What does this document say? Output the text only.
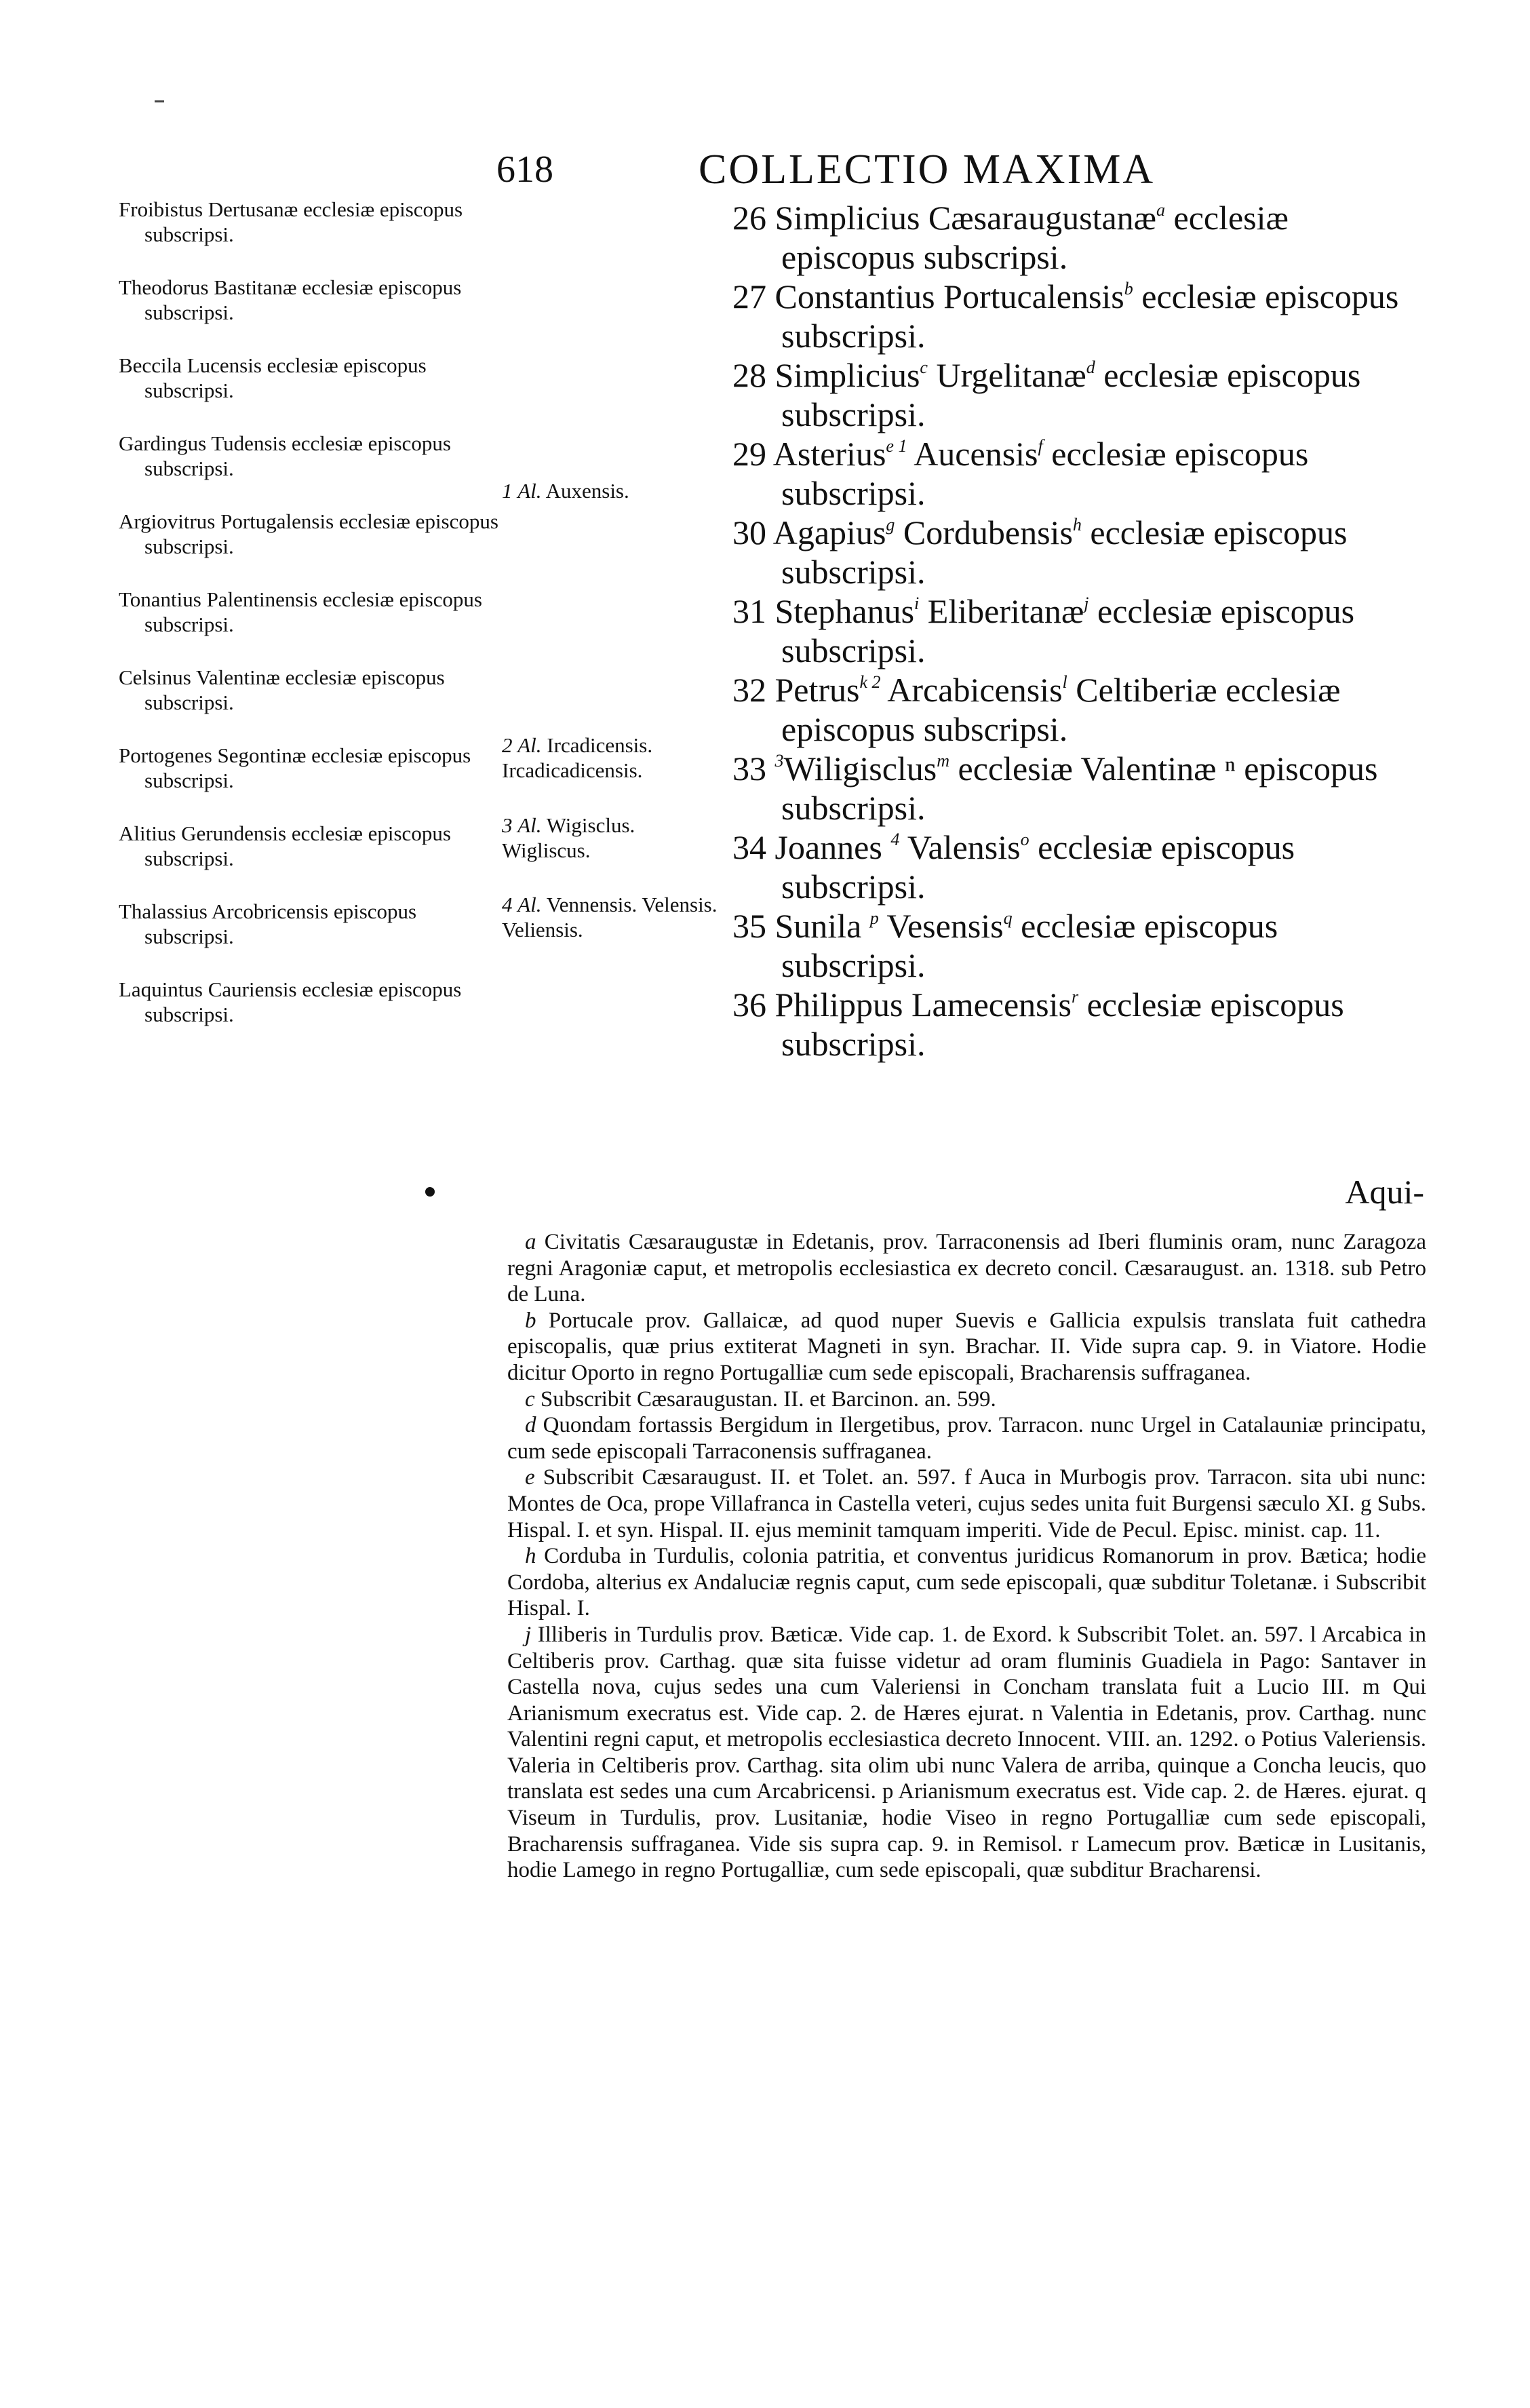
618	COLLECTIO MAXIMA

Froibistus Dertusanæ ecclesiæ episcopus subscripsi.

Theodorus Bastitanæ ecclesiæ episcopus subscripsi.

Beccila Lucensis ecclesiæ episcopus subscripsi.

Gardingus Tudensis ecclesiæ episcopus subscripsi.

Argiovitrus Portugalensis ecclesiæ episcopus subscripsi.

Tonantius Palentinensis ecclesiæ episcopus subscripsi.

Celsinus Valentinæ ecclesiæ episcopus subscripsi.

Portogenes Segontinæ ecclesiæ episcopus subscripsi.

Alitius Gerundensis ecclesiæ episcopus subscripsi.

Thalassius Arcobricensis episcopus subscripsi.

Laquintus Cauriensis ecclesiæ episcopus subscripsi.

1 Al. Auxensis.
2 Al. Ircadicensis. Ircadicadicensis.
3 Al. Wigisclus. Wigliscus.
4 Al. Vennensis. Velensis. Veliensis.

26 Simplicius Cæsaraugustanæ$^a$ ecclesiæ episcopus subscripsi.

27 Constantius Portucalensis$^b$ ecclesiæ episcopus subscripsi.

28 Simplicius$^c$ Urgelitanæ$^d$ ecclesiæ episcopus subscripsi.

29 Asterius$^{e 1}$ Aucensis$^f$ ecclesiæ episcopus subscripsi.

30 Agapius$^g$ Cordubensis$^h$ ecclesiæ episcopus subscripsi.

31 Stephanus$^i$ Eliberitanæ$^j$ ecclesiæ episcopus subscripsi.

32 Petrus$^{k 2}$ Arcabicensis$^l$ Celtiberiæ ecclesiæ episcopus subscripsi.

33 $^3$Wiligisclus$^m$ ecclesiæ Valentinæ ⁿ episcopus subscripsi.

34 Joannes $^4$ Valensis$^o$ ecclesiæ episcopus subscripsi.

35 Sunila $^p$ Vesensis$^q$ ecclesiæ episcopus subscripsi.

36 Philippus Lamecensis$^r$ ecclesiæ episcopus subscripsi.

Aqui-

a Civitatis Cæsaraugustæ in Edetanis, prov. Tarraconensis ad Iberi fluminis oram, nunc Zaragoza regni Aragoniæ caput, et metropolis ecclesiastica ex decreto concil. Cæsaraugust. an. 1318. sub Petro de Luna.

b Portucale prov. Gallaicæ, ad quod nuper Suevis e Gallicia expulsis translata fuit cathedra episcopalis, quæ prius extiterat Magneti in syn. Brachar. II. Vide supra cap. 9. in Viatore. Hodie dicitur Oporto in regno Portugalliæ cum sede episcopali, Bracharensis suffraganea.

c Subscribit Cæsaraugustan. II. et Barcinon. an. 599.

d Quondam fortassis Bergidum in Ilergetibus, prov. Tarracon. nunc Urgel in Catalauniæ principatu, cum sede episcopali Tarraconensis suffraganea.

e Subscribit Cæsaraugust. II. et Tolet. an. 597. f Auca in Murbogis prov. Tarracon. sita ubi nunc: Montes de Oca, prope Villafranca in Castella veteri, cujus sedes unita fuit Burgensi sæculo XI. g Subs. Hispal. I. et syn. Hispal. II. ejus meminit tamquam imperiti. Vide de Pecul. Episc. minist. cap. 11.

h Corduba in Turdulis, colonia patritia, et conventus juridicus Romanorum in prov. Bætica; hodie Cordoba, alterius ex Andaluciæ regnis caput, cum sede episcopali, quæ subditur Toletanæ. i Subscribit Hispal. I.

j Illiberis in Turdulis prov. Bæticæ. Vide cap. 1. de Exord. k Subscribit Tolet. an. 597. l Arcabica in Celtiberis prov. Carthag. quæ sita fuisse videtur ad oram fluminis Guadiela in Pago: Santaver in Castella nova, cujus sedes una cum Valeriensi in Concham translata fuit a Lucio III. m Qui Arianismum execratus est. Vide cap. 2. de Hæres ejurat. n Valentia in Edetanis, prov. Carthag. nunc Valentini regni caput, et metropolis ecclesiastica decreto Innocent. VIII. an. 1292. o Potius Valeriensis. Valeria in Celtiberis prov. Carthag. sita olim ubi nunc Valera de arriba, quinque a Concha leucis, quo translata est sedes una cum Arcabricensi. p Arianismum execratus est. Vide cap. 2. de Hæres. ejurat. q Viseum in Turdulis, prov. Lusitaniæ, hodie Viseo in regno Portugalliæ cum sede episcopali, Bracharensis suffraganea. Vide sis supra cap. 9. in Remisol. r Lamecum prov. Bæticæ in Lusitanis, hodie Lamego in regno Portugalliæ, cum sede episcopali, quæ subditur Bracharensi.
